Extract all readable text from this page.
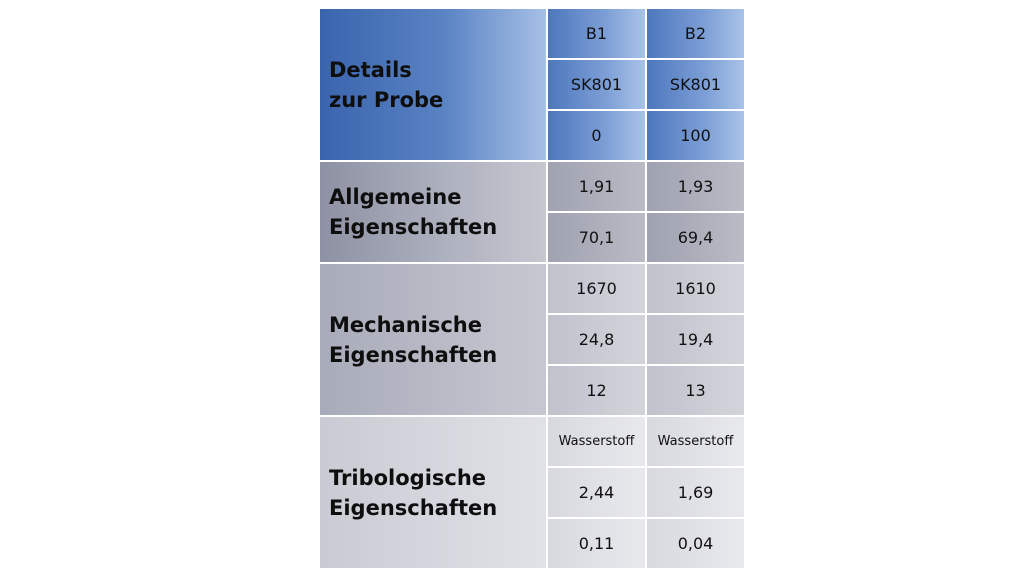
Details
zur Probe
B1	B2
SK801	SK801
0	100
Allgemeine
Eigenschaften
1,91	1,93
70,1	69,4
Mechanische
Eigenschaften
1670	1610
24,8	19,4
12	13
Tribologische
Eigenschaften
Wasserstoff	Wasserstoff
2,44	1,69
0,11	0,04
